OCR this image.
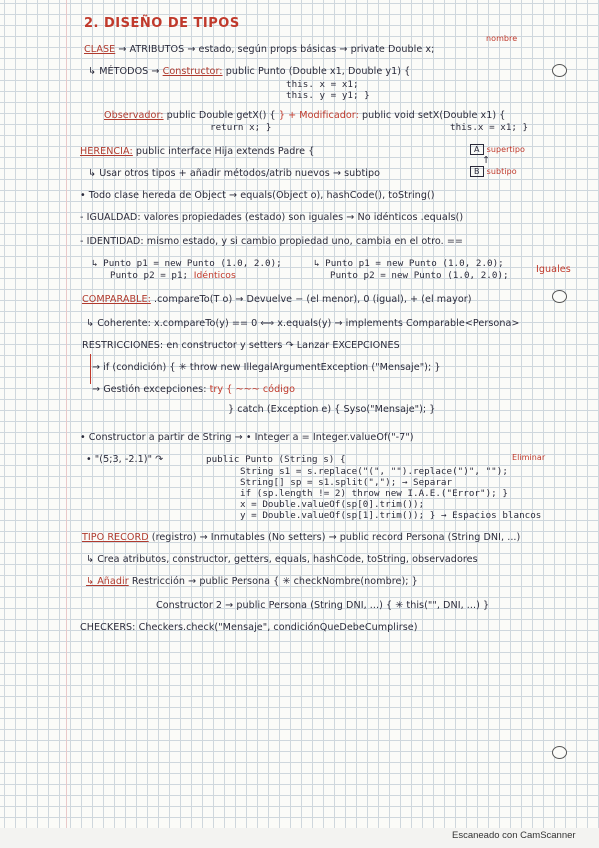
2. DISEÑO DE TIPOS
nombre
CLASE → ATRIBUTOS → estado, según props básicas → private Double x;
↳ MÉTODOS → Constructor: public Punto (Double x1, Double y1) {
this. x = x1;
this. y = y1; }
Observador: public Double getX() { } + Modificador: public void setX(Double x1) {
return x; }	this.x = x1; }
HERENCIA: public interface Hija extends Padre {	A supertipo
↑
B subtipo
↳ Usar otros tipos + añadir métodos/atrib nuevos → subtipo
• Todo clase hereda de Object → equals(Object o), hashCode(), toString()
- IGUALDAD: valores propiedades (estado) son iguales → No idénticos .equals()
- IDENTIDAD: mismo estado, y si cambio propiedad uno, cambia en el otro. ==
↳ Punto p1 = new Punto (1.0, 2.0);
Punto p2 = p1; Idénticos
↳ Punto p1 = new Punto (1.0, 2.0);
Punto p2 = new Punto (1.0, 2.0);
Iguales
COMPARABLE: .compareTo(T o) → Devuelve − (el menor), 0 (igual), + (el mayor)
↳ Coherente: x.compareTo(y) == 0 ⟺ x.equals(y) → implements Comparable<Persona>
RESTRICCIONES: en constructor y setters ↷ Lanzar EXCEPCIONES
→ if (condición) { ✳ throw new IllegalArgumentException ("Mensaje"); }
→ Gestión excepciones: try { ~~~ código
} catch (Exception e) { Syso("Mensaje"); }
• Constructor a partir de String → • Integer a = Integer.valueOf("-7")
• "(5;3, -2.1)" ↷	public Punto (String s) {	Eliminar
String s1 = s.replace("(", "").replace(")", "");
String[] sp = s1.split(","); → Separar
if (sp.length != 2) throw new I.A.E.("Error"); }
x = Double.valueOf(sp[0].trim());
y = Double.valueOf(sp[1].trim()); } → Espacios blancos
TIPO RECORD (registro) → Inmutables (No setters) → public record Persona (String DNI, ...)
↳ Crea atributos, constructor, getters, equals, hashCode, toString, observadores
↳ Añadir Restricción → public Persona { ✳ checkNombre(nombre); }
Constructor 2 → public Persona (String DNI, ...) { ✳ this("", DNI, ...) }
CHECKERS: Checkers.check("Mensaje", condiciónQueDebeCumplirse)
Escaneado con CamScanner
